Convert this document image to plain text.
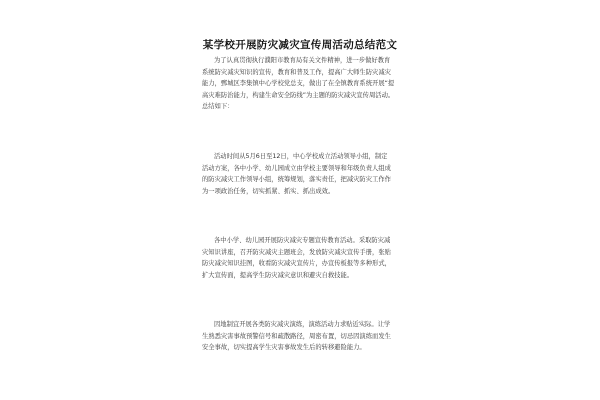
某学校开展防灾减灾宣传周活动总结范文
为了认真贯彻执行濮阳市教育局有关文件精神，进一步做好教育
系统防灾减灾知识的宣传，教育和普及工作，提高广大师生防灾减灾
能力，鄄城区李集镇中心学校党总支，做出了在全镇教育系统开展“提
高灾难防治能力，构建生命安全防线”为主题的防灾减灾宣传周活动。
总结如下：
活动时间从5月6日至12日，中心学校成立活动领导小组，制定
活动方案，各中小学、幼儿园成立由学校主要领导和年级负责人组成
的防灾减灾工作领导小组，统筹规划，落实责任，把减灾防灾工作作
为一项政治任务，切实抓紧、抓实、抓出成效。
各中小学、幼儿园开展防灾减灾专题宣传教育活动。采取防灾减
灾知识讲座，召开防灾减灾主题班会，发放防灾减灾宣传手册，张贴
防灾减灾知识挂图，收看防灾减灾宣传片，办宣传板报等多种形式，
扩大宣传面，提高学生防灾减灾意识和避灾自救技能。
因地制宜开展各类防灾减灾演练，演练活动力求贴近实际。让学
生熟悉灾害事故预警信号和疏散路径，周密布置，切忌因演练而发生
安全事故，切实提高学生灾害事故发生后的转移避险能力。
